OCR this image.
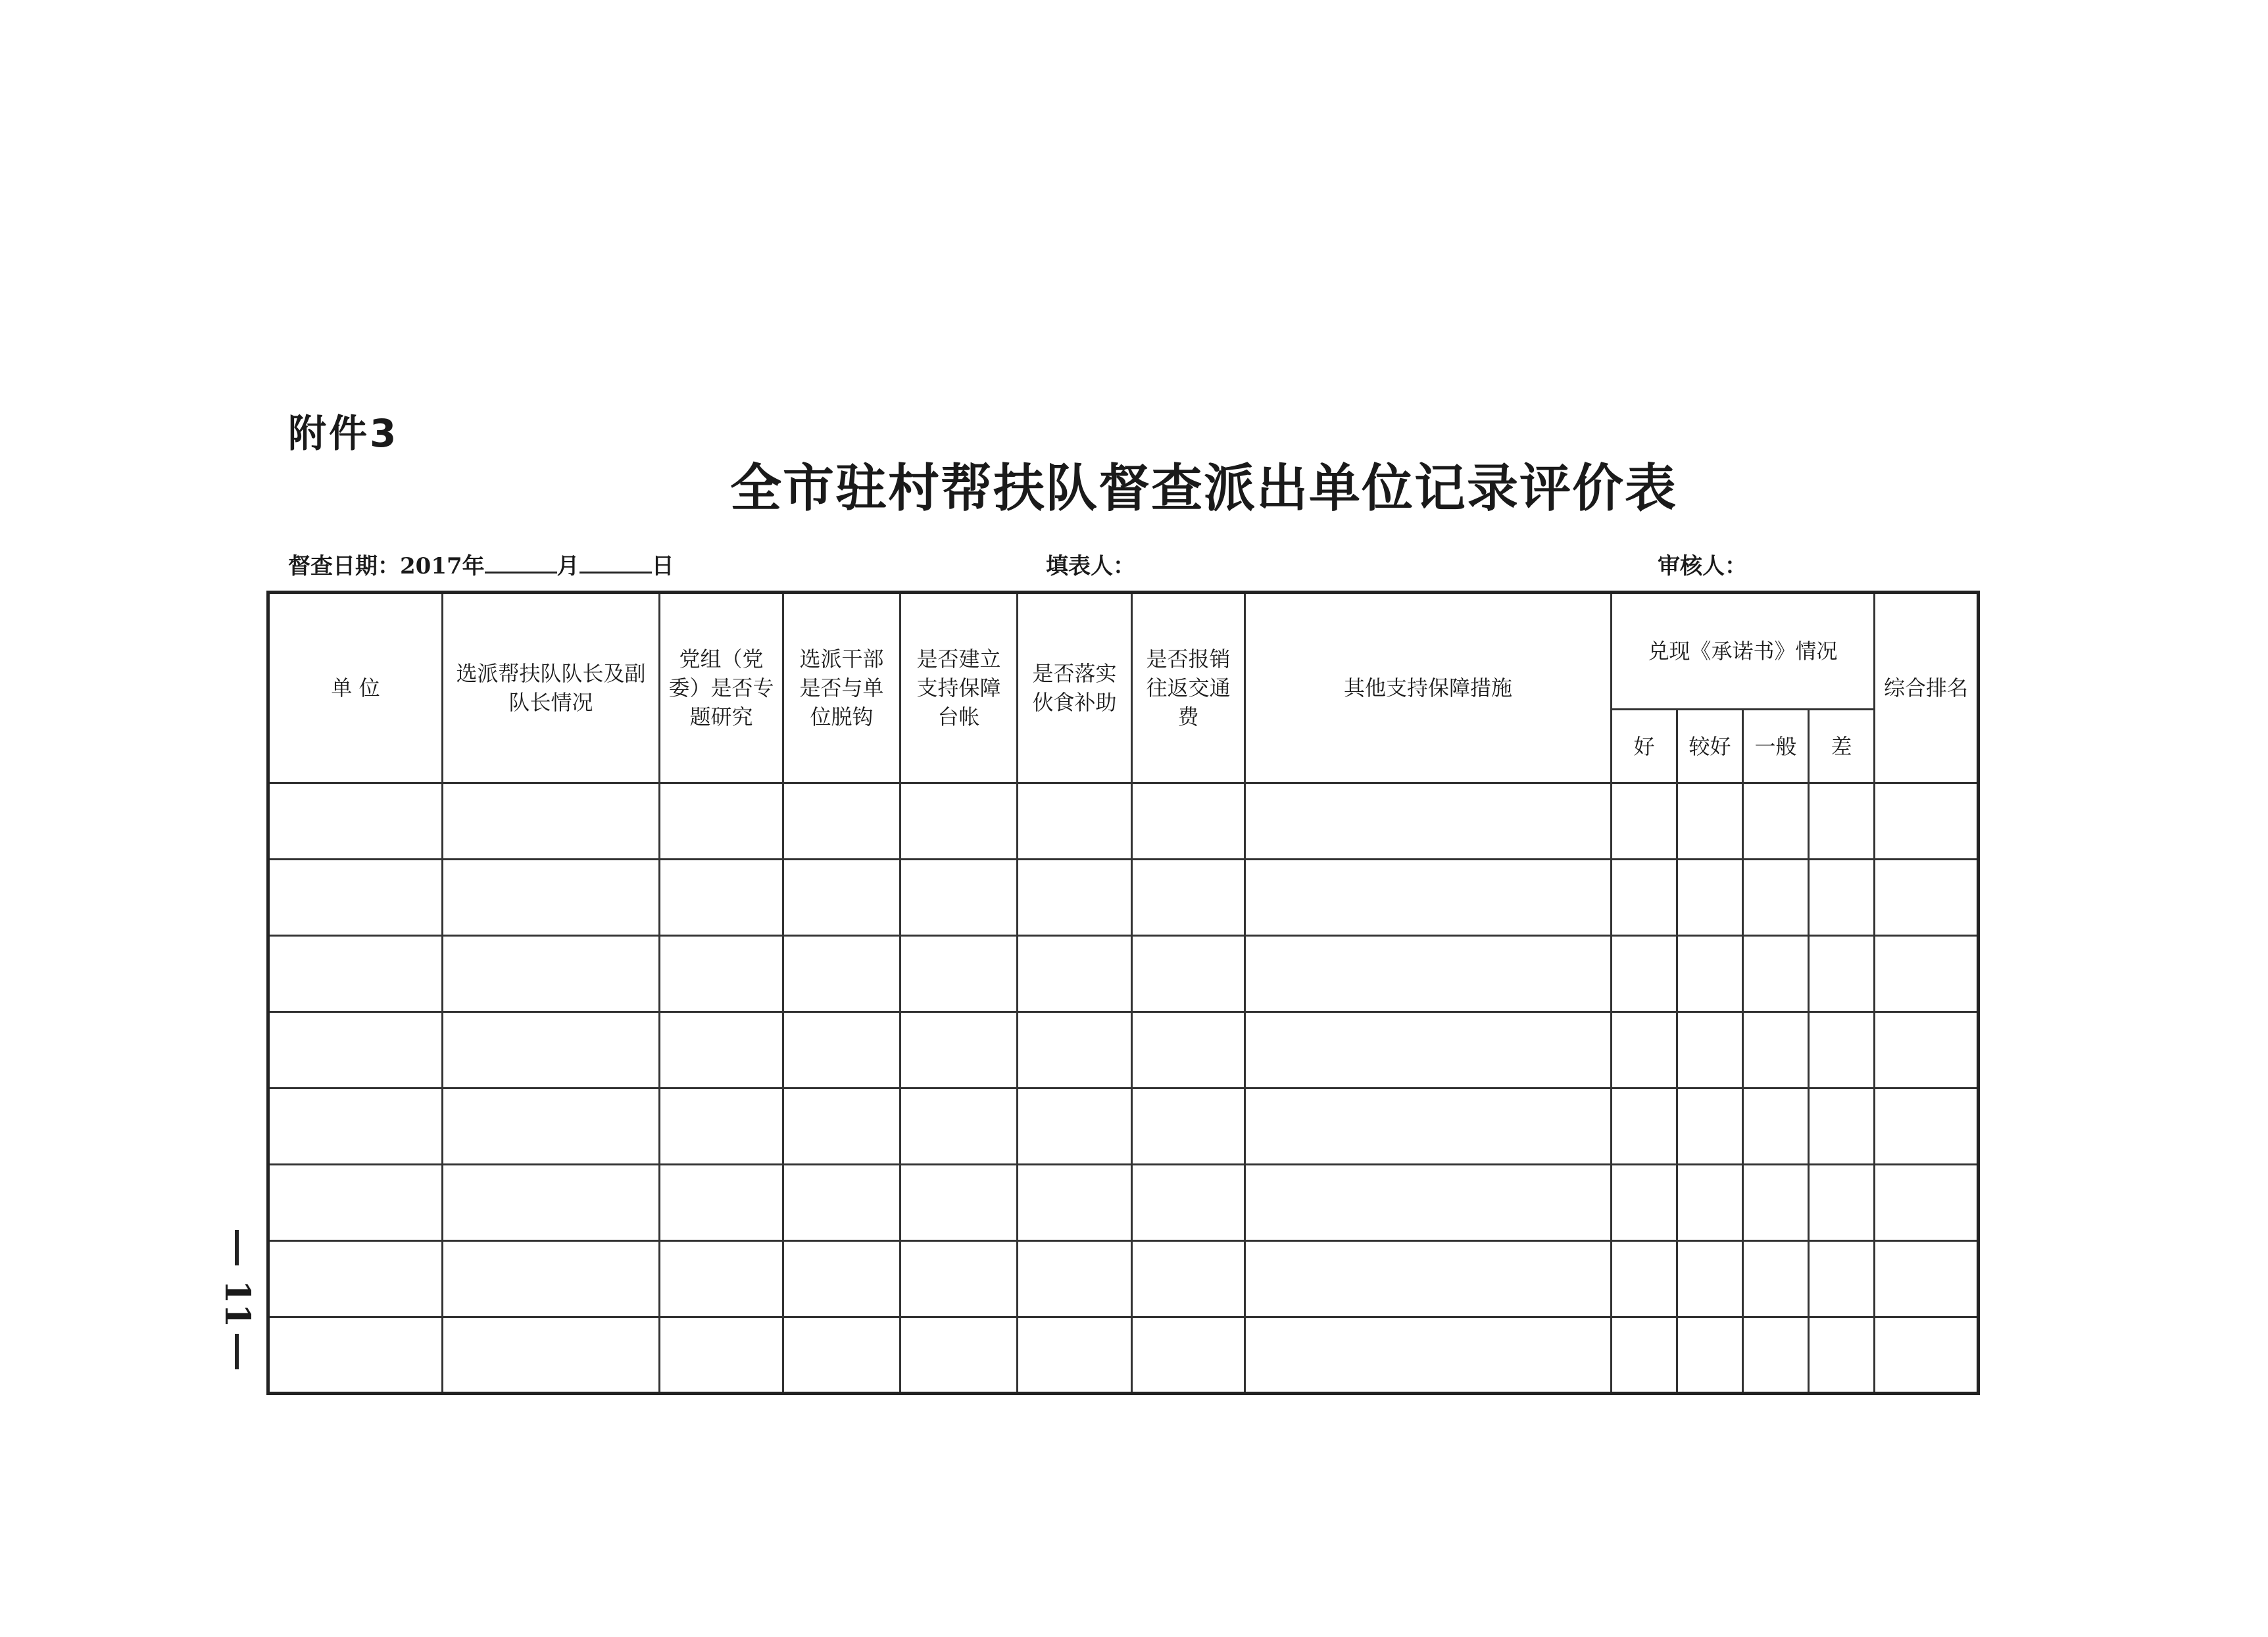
附件3
全市驻村帮扶队督查派出单位记录评价表
督查日期：2017年	月	日	填表人：	审核人：
单 位	选派帮扶队队长及副队长情况	党组（党委）是否专题研究	选派干部是否与单位脱钩	是否建立支持保障台帐	是否落实伙食补助	是否报销往返交通费	其他支持保障措施	兑现《承诺书》情况				综合排名
								好	较好	一般	差	

11
